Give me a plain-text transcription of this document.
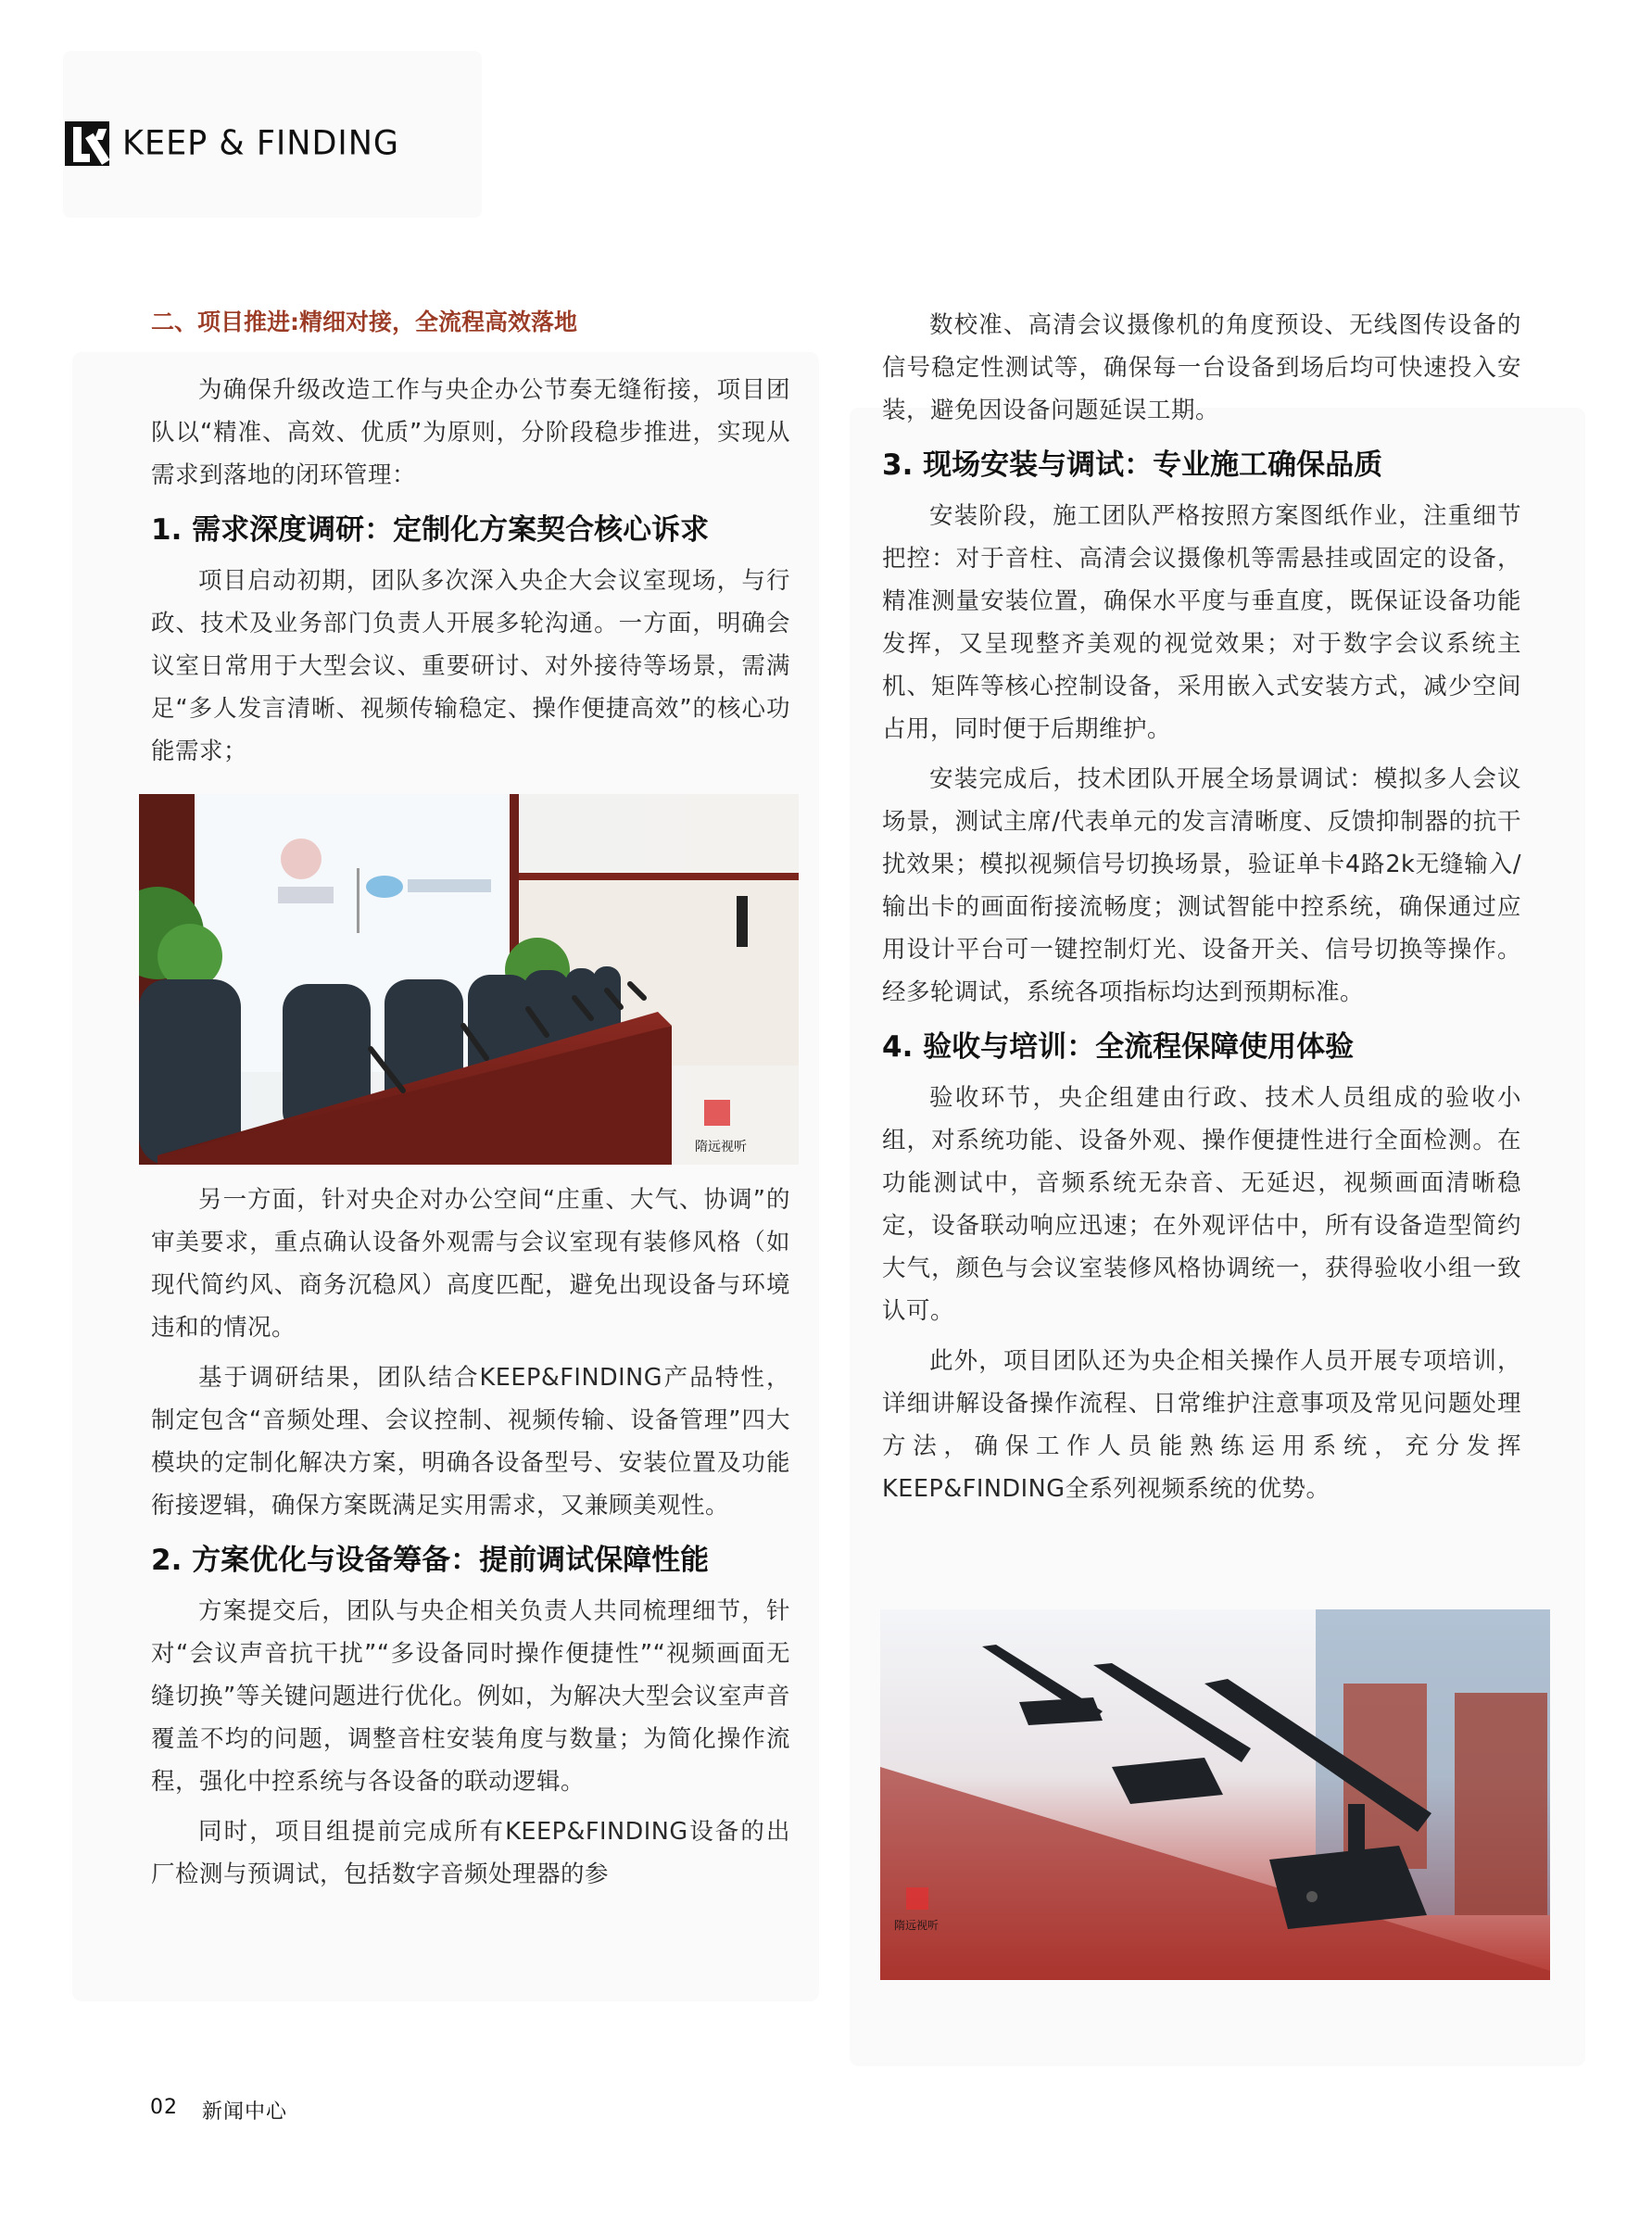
KEEP & FINDING
二、项目推进:精细对接，全流程高效落地

为确保升级改造工作与央企办公节奏无缝衔接，项目团队以“精准、高效、优质”为原则，分阶段稳步推进，实现从需求到落地的闭环管理：

1. 需求深度调研：定制化方案契合核心诉求

项目启动初期，团队多次深入央企大会议室现场，与行政、技术及业务部门负责人开展多轮沟通。一方面，明确会议室日常用于大型会议、重要研讨、对外接待等场景，需满足“多人发言清晰、视频传输稳定、操作便捷高效”的核心功能需求；

另一方面，针对央企对办公空间“庄重、大气、协调”的审美要求，重点确认设备外观需与会议室现有装修风格（如现代简约风、商务沉稳风）高度匹配，避免出现设备与环境违和的情况。

基于调研结果，团队结合KEEP&FINDING产品特性，制定包含“音频处理、会议控制、视频传输、设备管理”四大模块的定制化解决方案，明确各设备型号、安装位置及功能衔接逻辑，确保方案既满足实用需求，又兼顾美观性。

2. 方案优化与设备筹备：提前调试保障性能

方案提交后，团队与央企相关负责人共同梳理细节，针对“会议声音抗干扰”“多设备同时操作便捷性”“视频画面无缝切换”等关键问题进行优化。例如，为解决大型会议室声音覆盖不均的问题，调整音柱安装角度与数量；为简化操作流程，强化中控系统与各设备的联动逻辑。

同时，项目组提前完成所有KEEP&FINDING设备的出厂检测与预调试，包括数字音频处理器的参

数校准、高清会议摄像机的角度预设、无线图传设备的信号稳定性测试等，确保每一台设备到场后均可快速投入安装，避免因设备问题延误工期。

3. 现场安装与调试：专业施工确保品质

安装阶段，施工团队严格按照方案图纸作业，注重细节把控：对于音柱、高清会议摄像机等需悬挂或固定的设备，精准测量安装位置，确保水平度与垂直度，既保证设备功能发挥，又呈现整齐美观的视觉效果；对于数字会议系统主机、矩阵等核心控制设备，采用嵌入式安装方式，减少空间占用，同时便于后期维护。

安装完成后，技术团队开展全场景调试：模拟多人会议场景，测试主席/代表单元的发言清晰度、反馈抑制器的抗干扰效果；模拟视频信号切换场景，验证单卡4路2k无缝输入/输出卡的画面衔接流畅度；测试智能中控系统，确保通过应用设计平台可一键控制灯光、设备开关、信号切换等操作。经多轮调试，系统各项指标均达到预期标准。

4. 验收与培训：全流程保障使用体验

验收环节，央企组建由行政、技术人员组成的验收小组，对系统功能、设备外观、操作便捷性进行全面检测。在功能测试中，音频系统无杂音、无延迟，视频画面清晰稳定，设备联动响应迅速；在外观评估中，所有设备造型简约大气，颜色与会议室装修风格协调统一，获得验收小组一致认可。

此外，项目团队还为央企相关操作人员开展专项培训，详细讲解设备操作流程、日常维护注意事项及常见问题处理方法，确保工作人员能熟练运用系统，充分发挥KEEP&FINDING全系列视频系统的优势。

隋远视听
隋远视听
02 新闻中心
